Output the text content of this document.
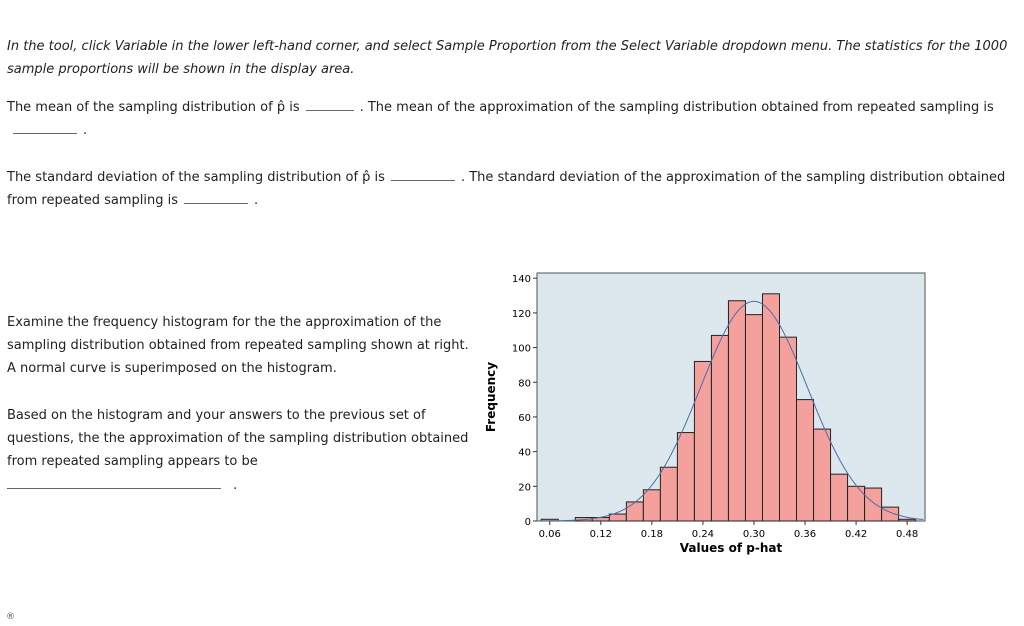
In the tool, click Variable in the lower left-hand corner, and select Sample Proportion from the Select Variable dropdown menu. The statistics for the 1000 sample proportions will be shown in the display area.
The mean of the sampling distribution of p̂ is	. The mean of the approximation of the sampling distribution obtained from repeated sampling is.
The standard deviation of the sampling distribution of p̂ is	. The standard deviation of the approximation of the sampling distribution obtained from repeated sampling is	.
Examine the frequency histogram for the the approximation of the sampling distribution obtained from repeated sampling shown at right. A normal curve is superimposed on the histogram.
Based on the histogram and your answers to the previous set of questions, the the approximation of the sampling distribution obtained from repeated sampling appears to be
.
®
0.06	0.12	0.18	0.24	0.30	0.36	0.42	0.48
0
20
40
60
80
100
120
140
Values of p-hat
Frequency
